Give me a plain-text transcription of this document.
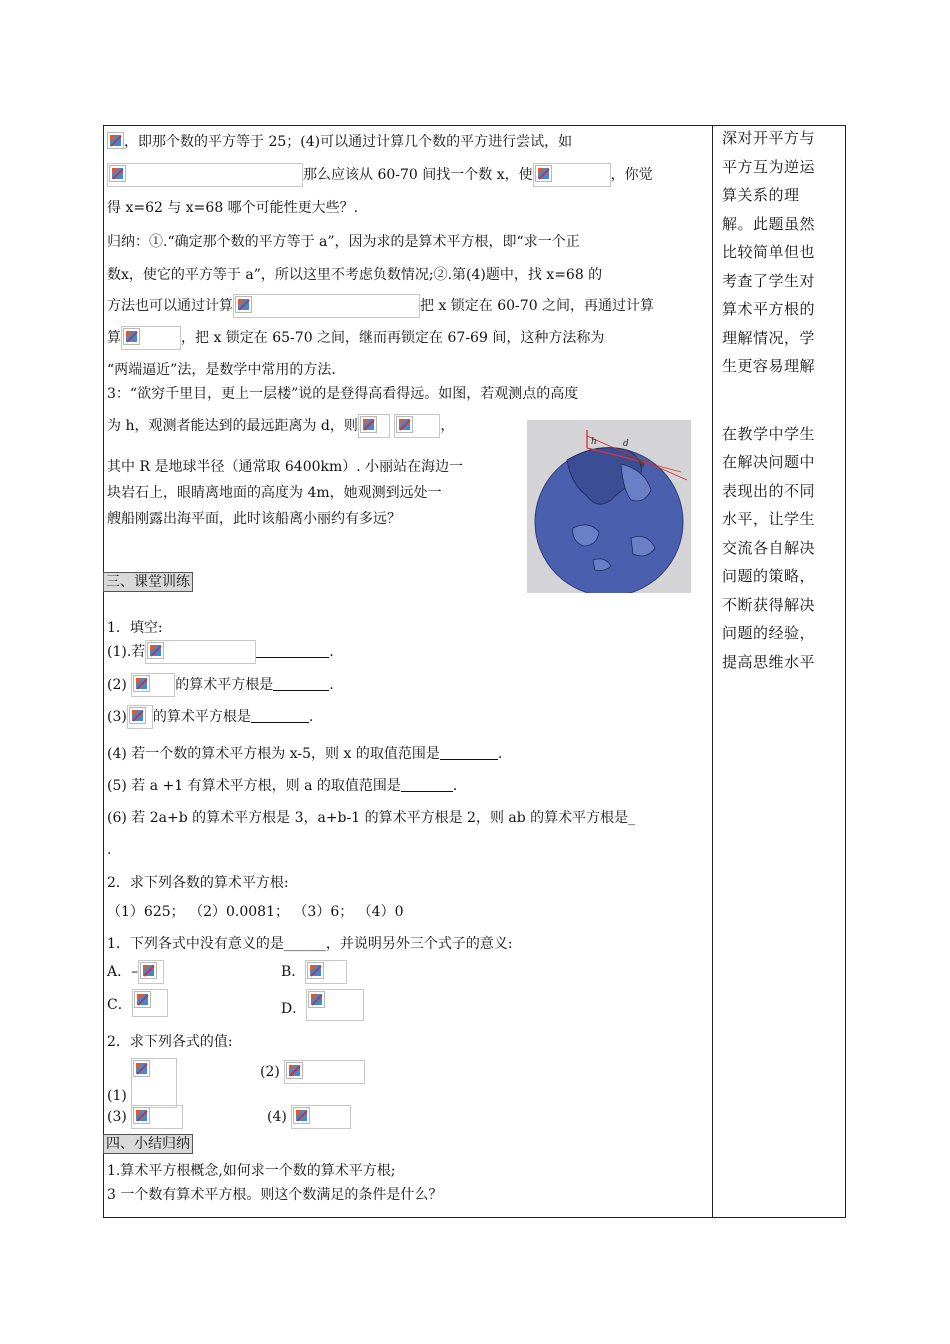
，即那个数的平方等于 25；(4)可以通过计算几个数的平方进行尝试，如
那么应该从 60-70 间找一个数 x，使	，你觉
得 x=62 与 x=68 哪个可能性更大些？.
归纳：①.“确定那个数的平方等于 a”，因为求的是算术平方根，即“求一个正
数x，使它的平方等于 a”，所以这里不考虑负数情况;②.第(4)题中，找 x=68 的
方法也可以通过计算	把 x 锁定在 60-70 之间，再通过计算
算	，把 x 锁定在 65-70 之间，继而再锁定在 67-69 间，这种方法称为
“两端逼近”法，是数学中常用的方法.
3：“欲穷千里目，更上一层楼”说的是登得高看得远。如图，若观测点的高度
为 h，观测者能达到的最远距离为 d，则
	，
其中 R 是地球半径（通常取 6400km）. 小丽站在海边一
块岩石上，眼睛离地面的高度为 4m，她观测到远处一
艘船刚露出海平面，此时该船离小丽约有多远？
三、课堂训练
1．填空:
(1).若	.
(2)	的算术平方根是	.
(3) 的算术平方根是	.
(4) 若一个数的算术平方根为 x-5，则 x 的取值范围是	.
(5) 若 a +1 有算术平方根，则 a 的取值范围是	.
(6) 若 2a+b 的算术平方根是 3，a+b-1 的算术平方根是 2，则 ab 的算术平方根是_
.
2．求下列各数的算术平方根:
（1）625； （2）0.0081； （3）6； （4）0
1．下列各式中没有意义的是______，并说明另外三个式子的意义:
A．–	B．
C．	D．
2．求下列各式的值:
(1)
(2)
(3)	(4)
四、小结归纳
1.算术平方根概念,如何求一个数的算术平方根;
3 一个数有算术平方根。则这个数满足的条件是什么？
h	d

深对开平方与

平方互为逆运

算关系的理

解。此题虽然

比较简单但也

考查了学生对

算术平方根的

理解情况，学

生更容易理解

在教学中学生

在解决问题中

表现出的不同

水平，让学生

交流各自解决

问题的策略，

不断获得解决

问题的经验，

提高思维水平
